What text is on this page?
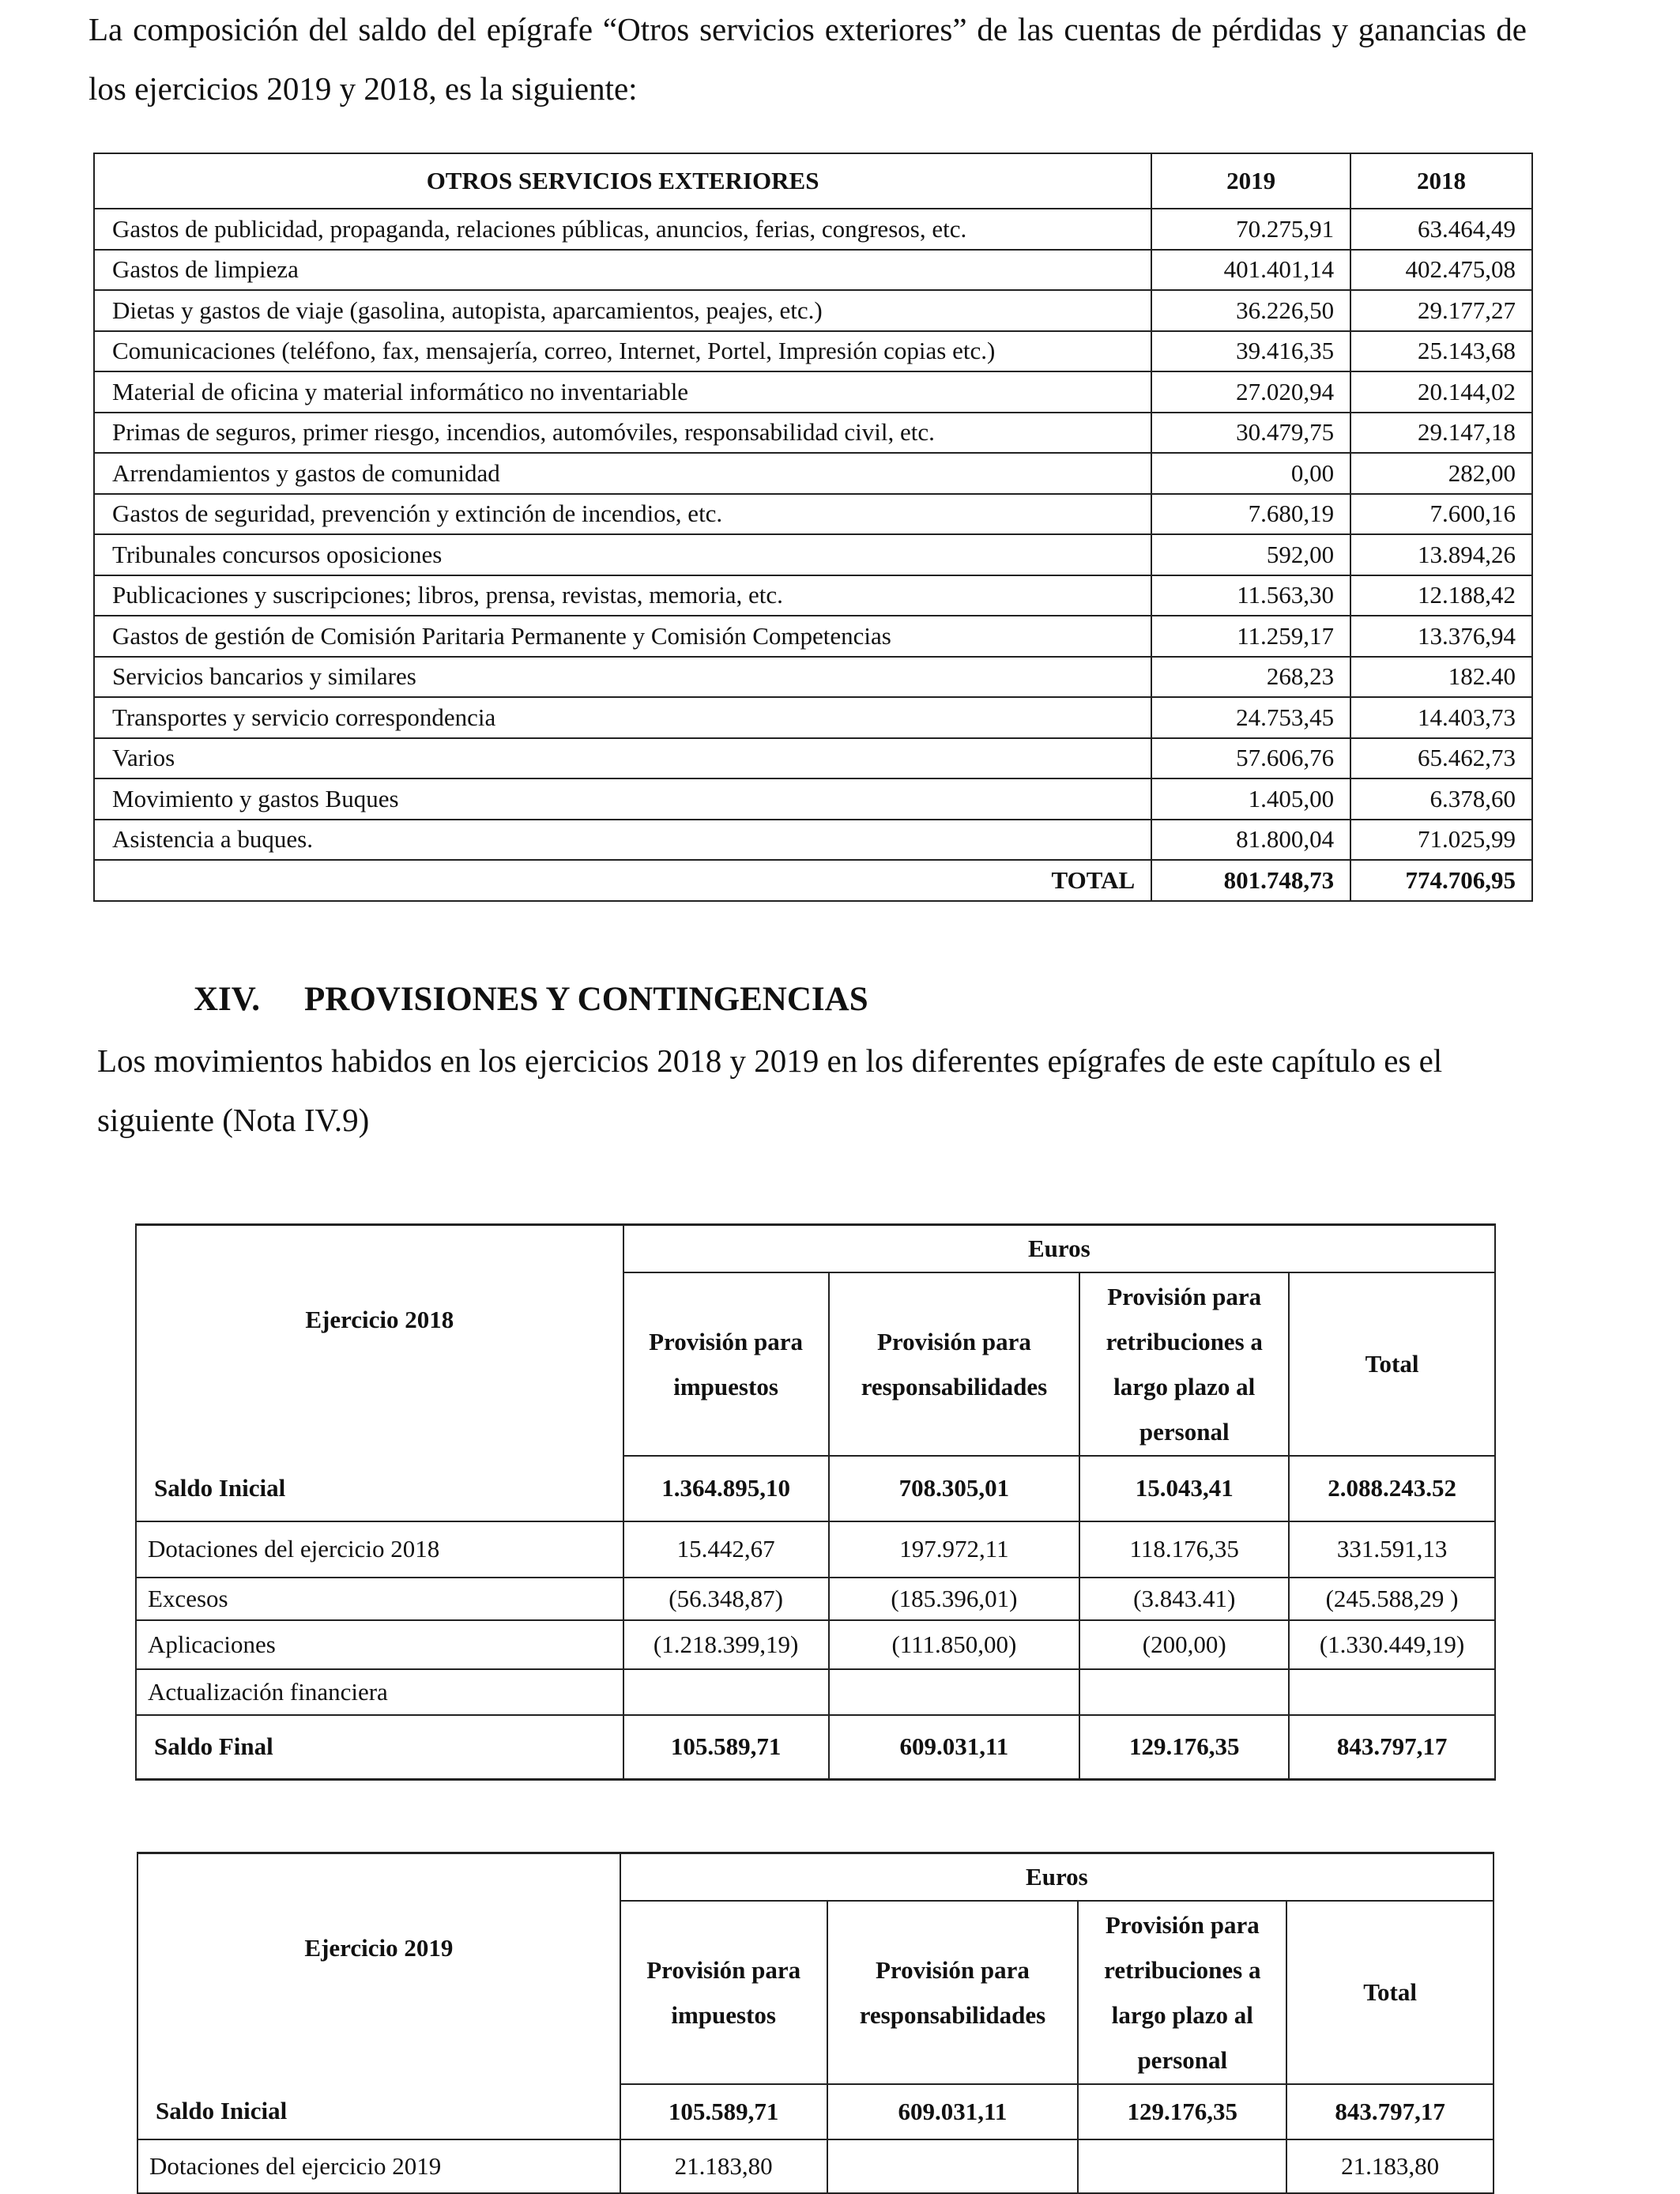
La composición del saldo del epígrafe “Otros servicios exteriores” de las cuentas de pérdidas y ganancias de los ejercicios 2019 y 2018, es la siguiente:

OTROS SERVICIOS EXTERIORES	2019	2018
Gastos de publicidad, propaganda, relaciones públicas, anuncios, ferias, congresos, etc.	70.275,91	63.464,49
Gastos de limpieza	401.401,14	402.475,08
Dietas y gastos de viaje (gasolina, autopista, aparcamientos, peajes, etc.)	36.226,50	29.177,27
Comunicaciones (teléfono, fax, mensajería, correo, Internet, Portel, Impresión copias etc.)	39.416,35	25.143,68
Material de oficina y material informático no inventariable	27.020,94	20.144,02
Primas de seguros, primer riesgo, incendios, automóviles, responsabilidad civil, etc.	30.479,75	29.147,18
Arrendamientos y gastos de comunidad	0,00	282,00
Gastos de seguridad, prevención y extinción de incendios, etc.	7.680,19	7.600,16
Tribunales concursos oposiciones	592,00	13.894,26
Publicaciones y suscripciones; libros, prensa, revistas, memoria, etc.	11.563,30	12.188,42
Gastos de gestión de Comisión Paritaria Permanente y Comisión Competencias	11.259,17	13.376,94
Servicios bancarios y similares	268,23	182.40
Transportes y servicio correspondencia	24.753,45	14.403,73
Varios	57.606,76	65.462,73
Movimiento y gastos Buques	1.405,00	6.378,60
Asistencia a buques.	81.800,04	71.025,99
TOTAL	801.748,73	774.706,95
XIV. PROVISIONES Y CONTINGENCIAS

Los movimientos habidos en los ejercicios 2018 y 2019 en los diferentes epígrafes de este capítulo es el siguiente (Nota IV.9)

Ejercicio 2018	Euros			
	Provisión para impuestos	Provisión para responsabilidades	Provisión para retribuciones a largo plazo al personal	Total
Saldo Inicial	1.364.895,10	708.305,01	15.043,41	2.088.243.52
Dotaciones del ejercicio 2018	15.442,67	197.972,11	118.176,35	331.591,13
Excesos	(56.348,87)	(185.396,01)	(3.843.41)	(245.588,29 )
Aplicaciones	(1.218.399,19)	(111.850,00)	(200,00)	(1.330.449,19)
Actualización financiera				
Saldo Final	105.589,71	609.031,11	129.176,35	843.797,17
Ejercicio 2019	Euros			
	Provisión para impuestos	Provisión para responsabilidades	Provisión para retribuciones a largo plazo al personal	Total
Saldo Inicial	105.589,71	609.031,11	129.176,35	843.797,17
Dotaciones del ejercicio 2019	21.183,80			21.183,80
